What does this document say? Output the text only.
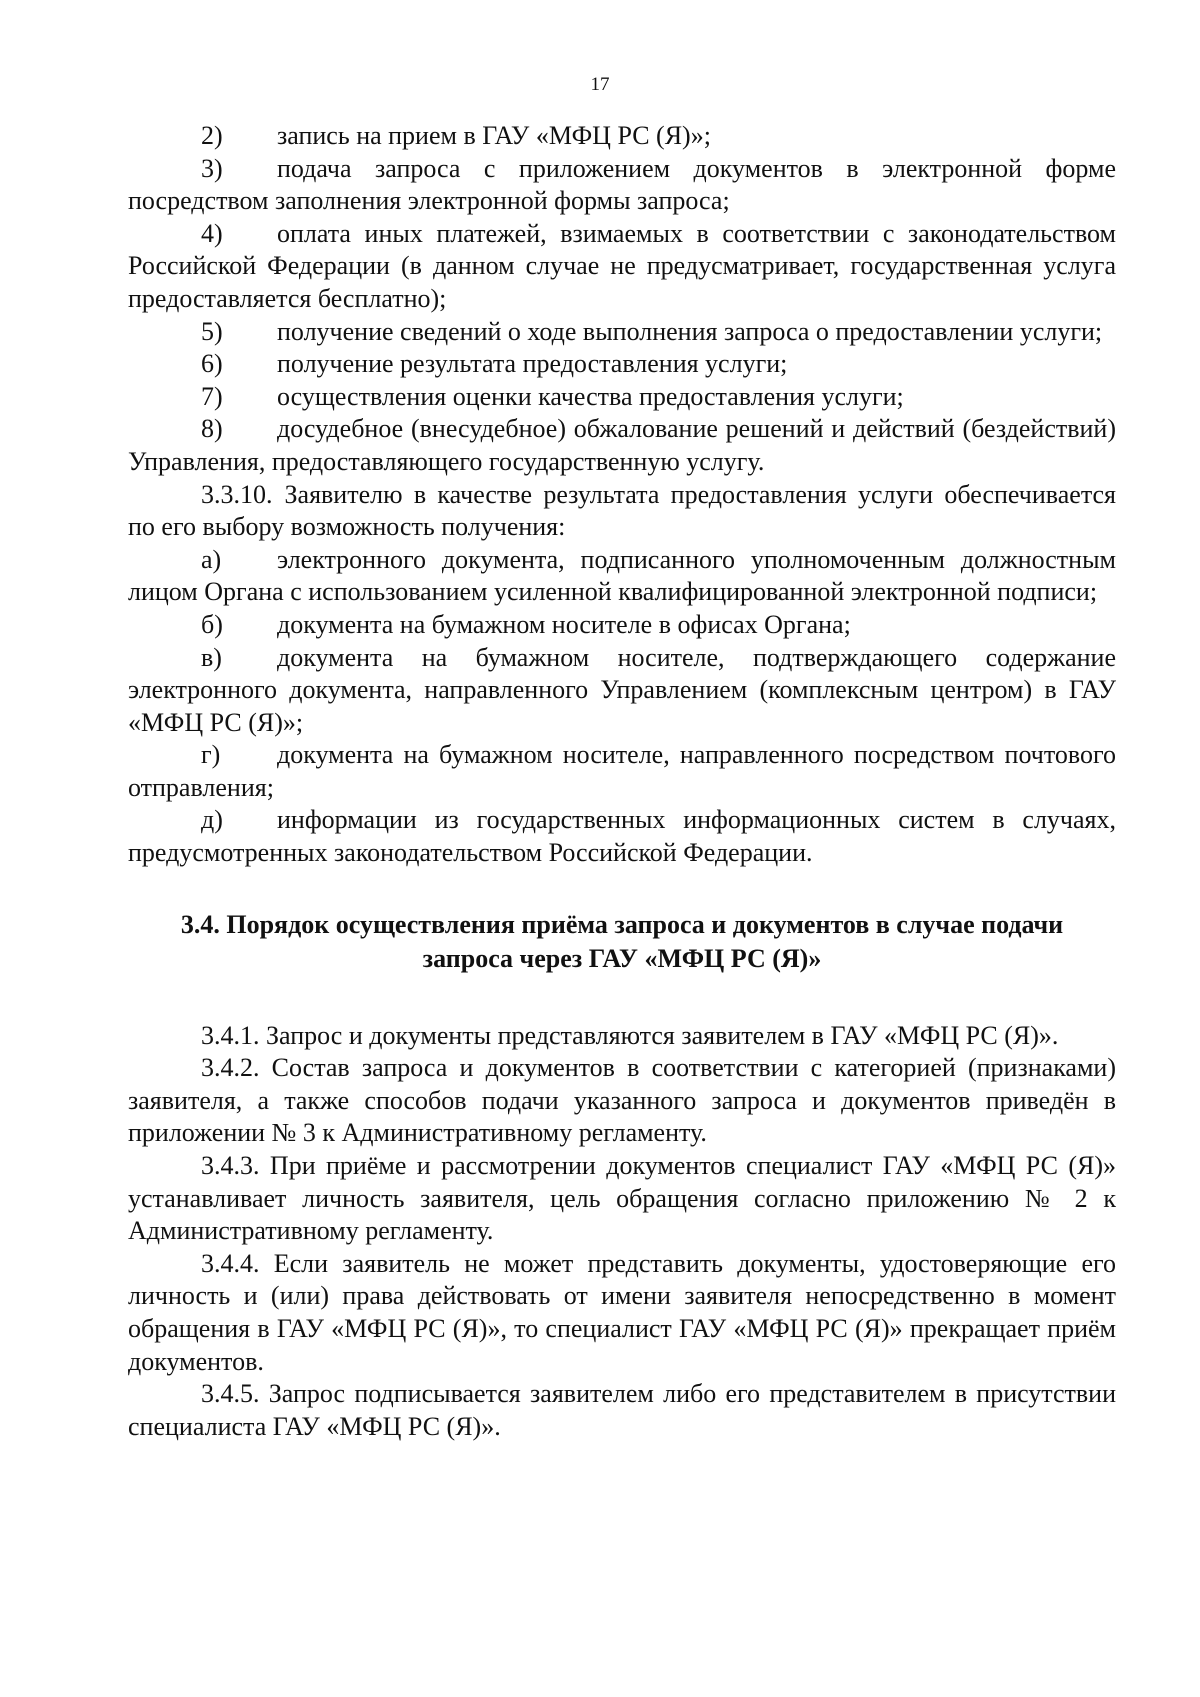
17

2) запись на прием в ГАУ «МФЦ РС (Я)»;

3) подача запроса с приложением документов в электронной форме посредством заполнения электронной формы запроса;

4) оплата иных платежей, взимаемых в соответствии с законодательством Российской Федерации (в данном случае не предусматривает, государственная услуга предоставляется бесплатно);

5) получение сведений о ходе выполнения запроса о предоставлении услуги;

6) получение результата предоставления услуги;

7) осуществления оценки качества предоставления услуги;

8) досудебное (внесудебное) обжалование решений и действий (бездействий) Управления, предоставляющего государственную услугу.

3.3.10. Заявителю в качестве результата предоставления услуги обеспечивается по его выбору возможность получения:

а) электронного документа, подписанного уполномоченным должностным лицом Органа с использованием усиленной квалифицированной электронной подписи;

б) документа на бумажном носителе в офисах Органа;

в) документа на бумажном носителе, подтверждающего содержание электронного документа, направленного Управлением (комплексным центром) в ГАУ «МФЦ РС (Я)»;

г) документа на бумажном носителе, направленного посредством почтового отправления;

д) информации из государственных информационных систем в случаях, предусмотренных законодательством Российской Федерации.

3.4. Порядок осуществления приёма запроса и документов в случае подачи
запроса через ГАУ «МФЦ РС (Я)»

3.4.1. Запрос и документы представляются заявителем в ГАУ «МФЦ РС (Я)».

3.4.2. Состав запроса и документов в соответствии с категорией (признаками) заявителя, а также способов подачи указанного запроса и документов приведён в приложении № 3 к Административному регламенту.

3.4.3. При приёме и рассмотрении документов специалист ГАУ «МФЦ РС (Я)» устанавливает личность заявителя, цель обращения согласно приложению № 2 к Административному регламенту.

3.4.4. Если заявитель не может представить документы, удостоверяющие его личность и (или) права действовать от имени заявителя непосредственно в момент обращения в ГАУ «МФЦ РС (Я)», то специалист ГАУ «МФЦ РС (Я)» прекращает приём документов.

3.4.5. Запрос подписывается заявителем либо его представителем в присутствии специалиста ГАУ «МФЦ РС (Я)».
